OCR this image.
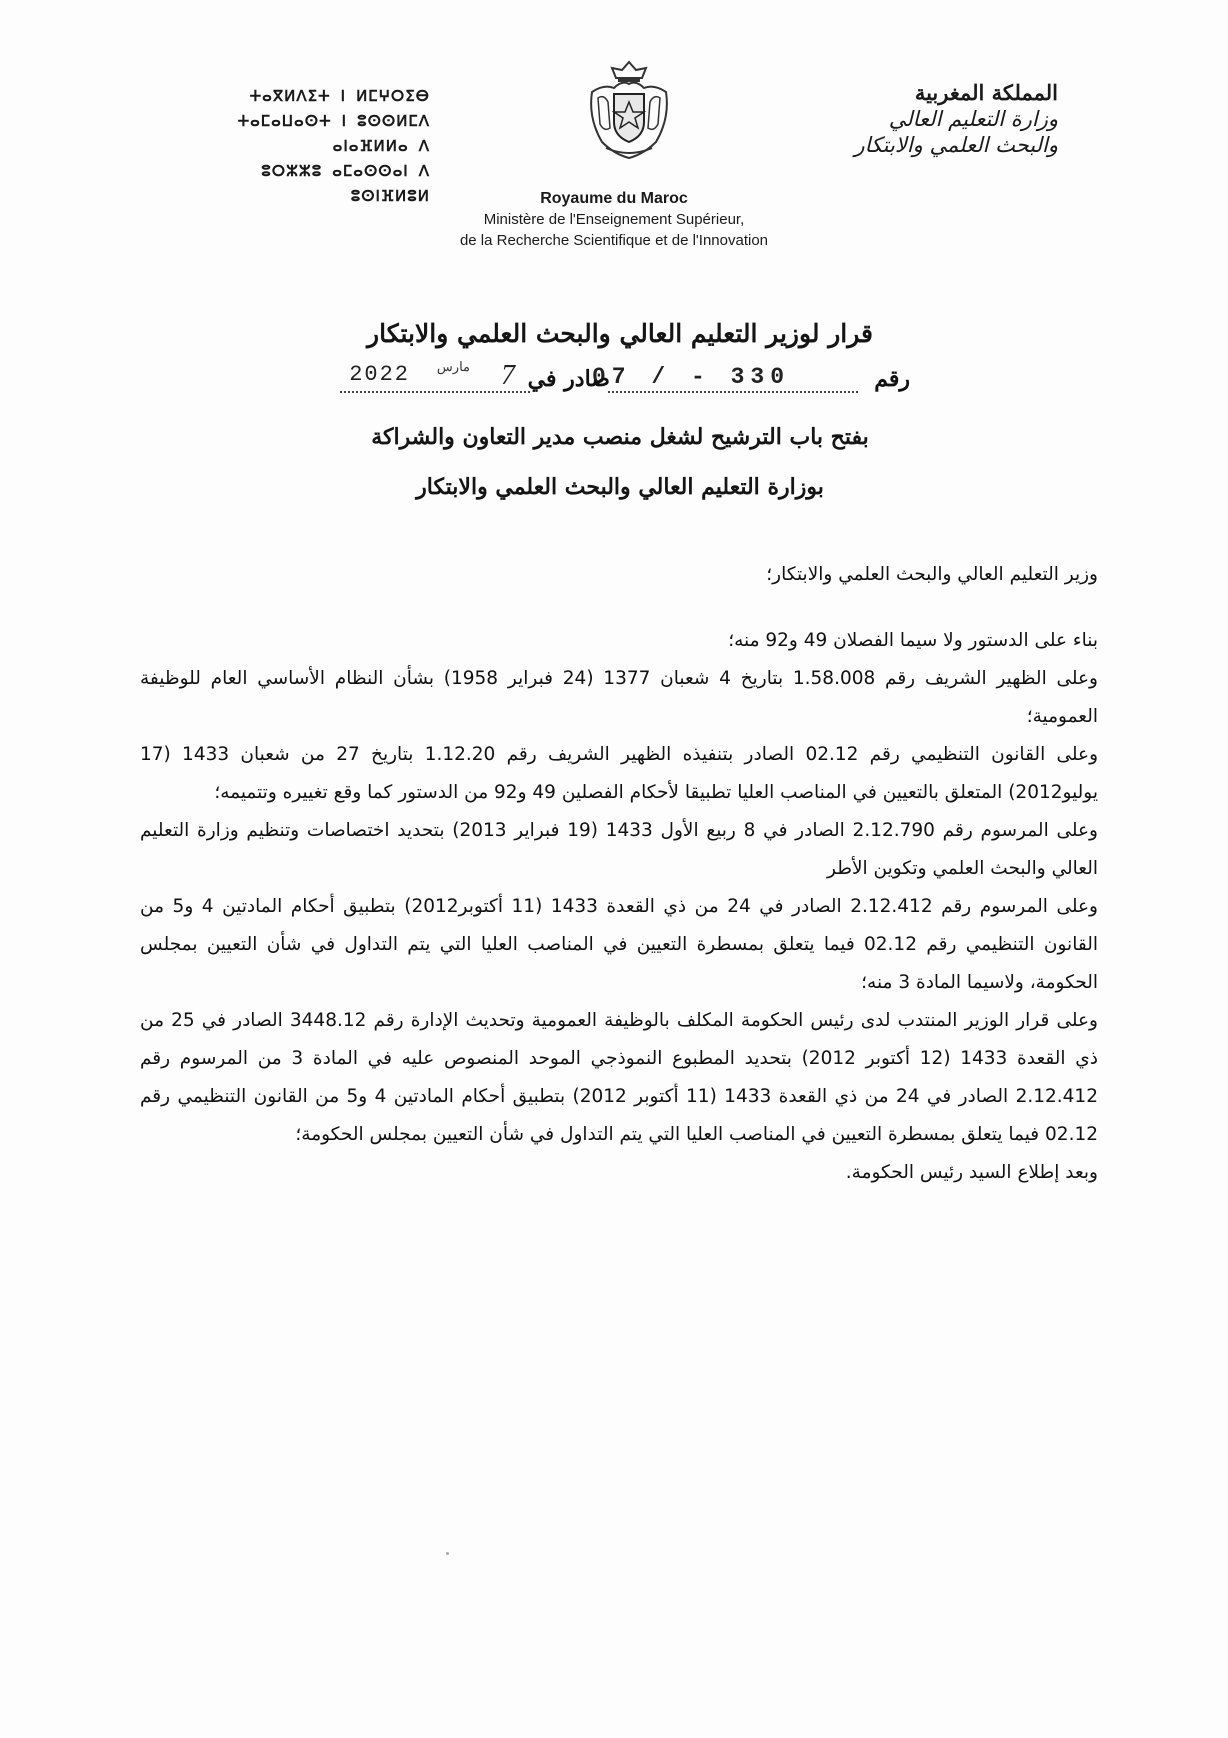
المملكة المغربية
وزارة التعليم العالي
والبحث العلمي والابتكار
ⵜⴰⴳⵍⴷⵉⵜ ⵏ ⵍⵎⵖⵔⵉⴱ
ⵜⴰⵎⴰⵡⴰⵙⵜ ⵏ ⵓⵙⵙⵍⵎⴷ ⴰⵏⴰⴼⵍⵍⴰ ⴷ
ⵓⵔⵣⵣⵓ ⴰⵎⴰⵙⵙⴰⵏ ⴷ ⵓⵙⵏⴼⵍⵓⵍ	Royaume du Maroc
Ministère de l'Enseignement Supérieur,
de la Recherche Scientifique et de l'Innovation
قرار لوزير التعليم العالي والبحث العلمي والابتكار
رقم
07 / - 330
صادر في
7
مارس
2022
بفتح باب الترشيح لشغل منصب مدير التعاون والشراكة
بوزارة التعليم العالي والبحث العلمي والابتكار

وزير التعليم العالي والبحث العلمي والابتكار؛

بناء على الدستور ولا سيما الفصلان 49 و92 منه؛

وعلى الظهير الشريف رقم 1.58.008 بتاريخ 4 شعبان 1377 (24 فبراير 1958) بشأن النظام الأساسي العام للوظيفة العمومية؛

وعلى القانون التنظيمي رقم 02.12 الصادر بتنفيذه الظهير الشريف رقم 1.12.20 بتاريخ 27 من شعبان 1433 (17 يوليو2012) المتعلق بالتعيين في المناصب العليا تطبيقا لأحكام الفصلين 49 و92 من الدستور كما وقع تغييره وتتميمه؛

وعلى المرسوم رقم 2.12.790 الصادر في 8 ربيع الأول 1433 (19 فبراير 2013) بتحديد اختصاصات وتنظيم وزارة التعليم العالي والبحث العلمي وتكوين الأطر

وعلى المرسوم رقم 2.12.412 الصادر في 24 من ذي القعدة 1433 (11 أكتوبر2012) بتطبيق أحكام المادتين 4 و5 من القانون التنظيمي رقم 02.12 فيما يتعلق بمسطرة التعيين في المناصب العليا التي يتم التداول في شأن التعيين بمجلس الحكومة، ولاسيما المادة 3 منه؛

وعلى قرار الوزير المنتدب لدى رئيس الحكومة المكلف بالوظيفة العمومية وتحديث الإدارة رقم 3448.12 الصادر في 25 من ذي القعدة 1433 (12 أكتوبر 2012) بتحديد المطبوع النموذجي الموحد المنصوص عليه في المادة 3 من المرسوم رقم 2.12.412 الصادر في 24 من ذي القعدة 1433 (11 أكتوبر 2012) بتطبيق أحكام المادتين 4 و5 من القانون التنظيمي رقم 02.12 فيما يتعلق بمسطرة التعيين في المناصب العليا التي يتم التداول في شأن التعيين بمجلس الحكومة؛

وبعد إطلاع السيد رئيس الحكومة.
